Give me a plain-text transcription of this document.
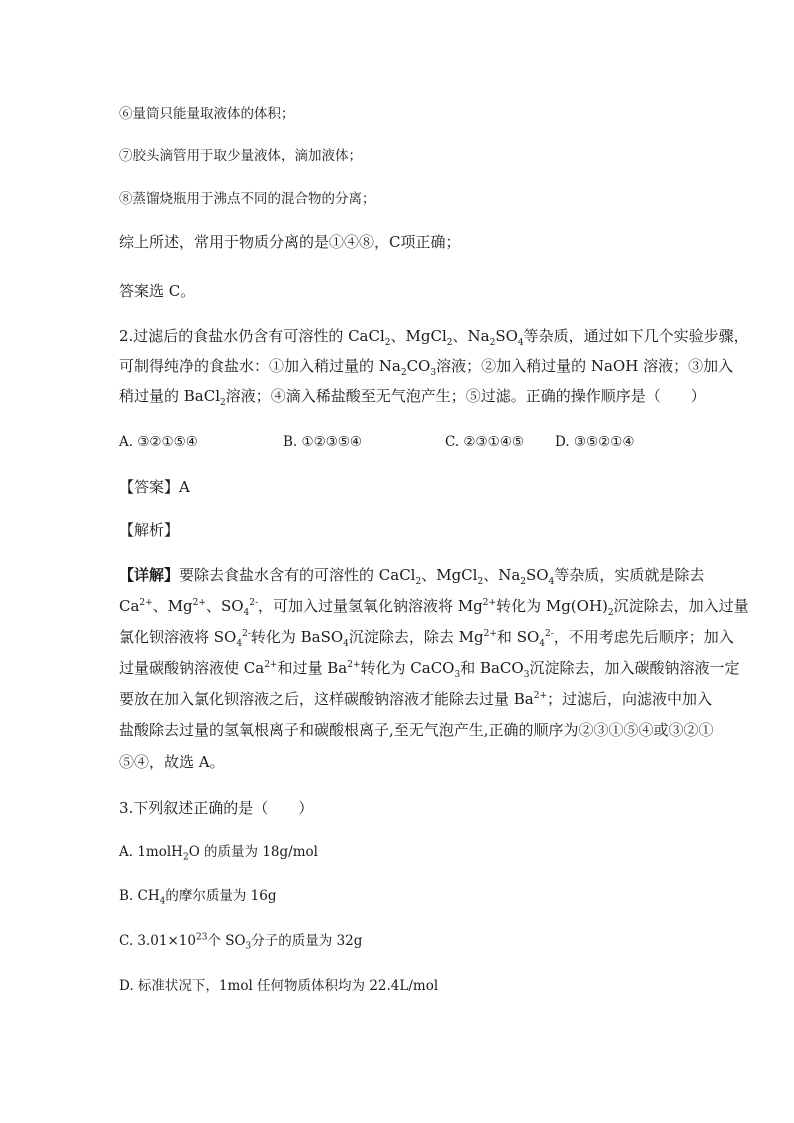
⑥量筒只能量取液体的体积；
⑦胶头滴管用于取少量液体，滴加液体；
⑧蒸馏烧瓶用于沸点不同的混合物的分离；
综上所述，常用于物质分离的是①④⑧，C项正确；
答案选 C。
2.过滤后的食盐水仍含有可溶性的 CaCl$_2$、MgCl$_2$、$Na_2SO_4$等杂质，通过如下几个实验步骤，
可制得纯净的食盐水：①加入稍过量的 $Na_2CO_3$溶液；②加入稍过量的 NaOH 溶液；③加入
稍过量的 BaCl$_2$溶液；④滴入稀盐酸至无气泡产生；⑤过滤。正确的操作顺序是（　　）
A. ③②①⑤④	B. ①②③⑤④	C. ②③①④⑤ D. ③⑤②①④
【答案】A
【解析】
【详解】要除去食盐水含有的可溶性的 CaCl$_2$、MgCl$_2$、$Na_2SO_4$等杂质，实质就是除去
$Ca^{2+}$、$Mg^{2+}$、$SO_4^{2-}$，可加入过量氢氧化钠溶液将 $Mg^{2+}$转化为 $Mg(OH)_2$沉淀除去，加入过量
氯化钡溶液将 $SO_4^{2-}$转化为 BaSO$_4$沉淀除去，除去 $Mg^{2+}$和 $SO_4^{2-}$，不用考虑先后顺序；加入
过量碳酸钠溶液使 $Ca^{2+}$和过量 $Ba^{2+}$转化为 CaCO$_3$和 BaCO$_3$沉淀除去，加入碳酸钠溶液一定
要放在加入氯化钡溶液之后，这样碳酸钠溶液才能除去过量 $Ba^{2+}$；过滤后，向滤液中加入
盐酸除去过量的氢氧根离子和碳酸根离子,至无气泡产生,正确的顺序为②③①⑤④或③②①
⑤④，故选 A。
3.下列叙述正确的是（　　）
A. 1molH$_2$O 的质量为 18g/mol
B. $CH_4$的摩尔质量为 16g
C. $3.01\times 10^{23}$个 $SO_3$分子的质量为 32g
D. 标准状况下，1mol 任何物质体积均为 22.4L/mol
